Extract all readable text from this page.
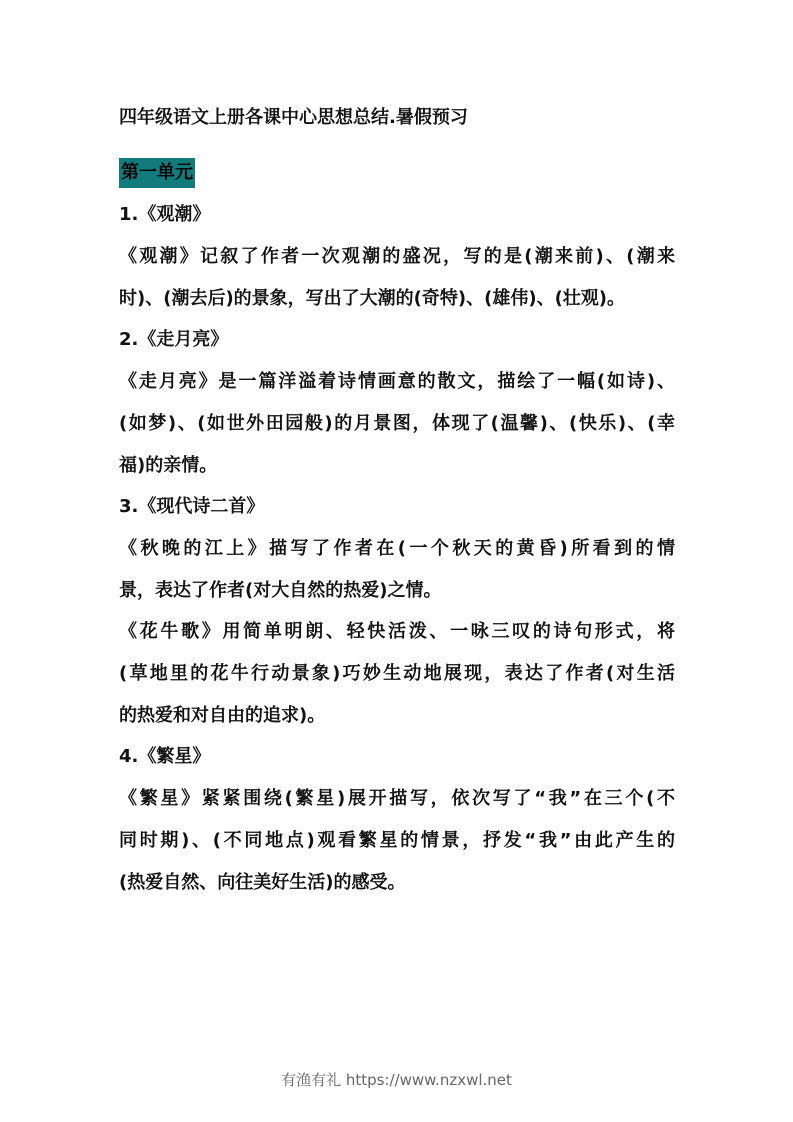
四年级语文上册各课中心思想总结.暑假预习
第一单元
1.《观潮》
《观潮》记叙了作者一次观潮的盛况，写的是(潮来前)、(潮来
时)、(潮去后)的景象，写出了大潮的(奇特)、(雄伟)、(壮观)。
2.《走月亮》
《走月亮》是一篇洋溢着诗情画意的散文，描绘了一幅(如诗)、
(如梦)、(如世外田园般)的月景图，体现了(温馨)、(快乐)、(幸
福)的亲情。
3.《现代诗二首》
《秋晚的江上》描写了作者在(一个秋天的黄昏)所看到的情
景，表达了作者(对大自然的热爱)之情。
《花牛歌》用简单明朗、轻快活泼、一咏三叹的诗句形式，将
(草地里的花牛行动景象)巧妙生动地展现，表达了作者(对生活
的热爱和对自由的追求)。
4.《繁星》
《繁星》紧紧围绕(繁星)展开描写，依次写了“我”在三个(不
同时期)、(不同地点)观看繁星的情景，抒发“我”由此产生的
(热爱自然、向往美好生活)的感受。
有渔有礼 https://www.nzxwl.net
